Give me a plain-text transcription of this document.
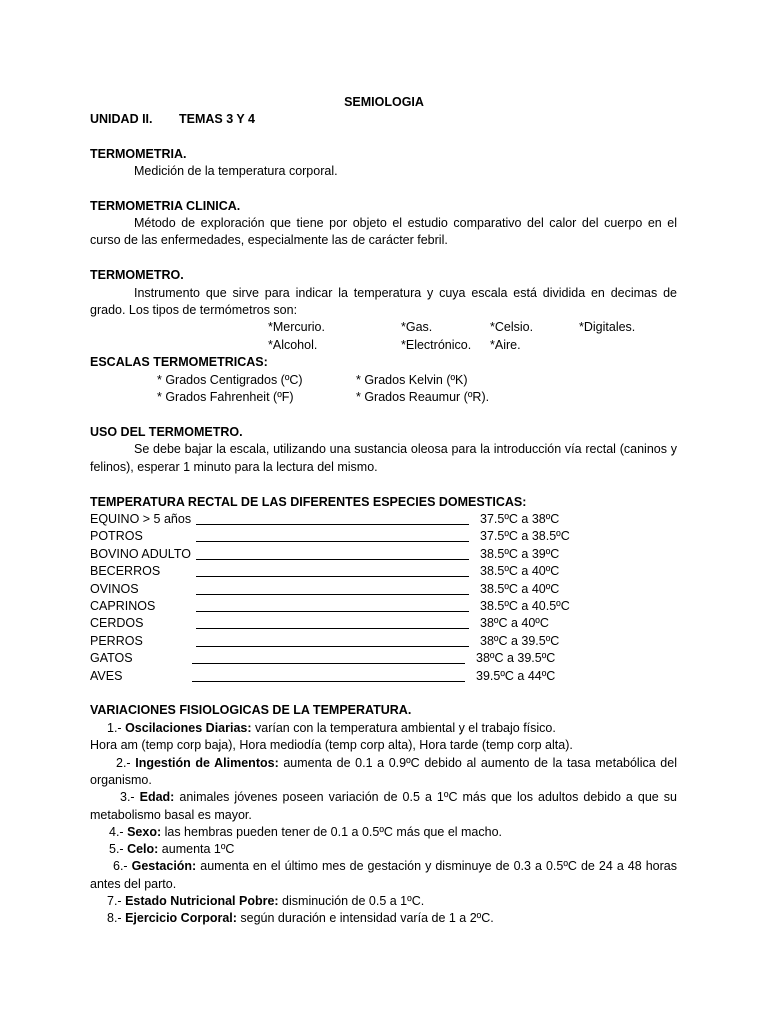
SEMIOLOGIA
UNIDAD II. TEMAS 3 Y 4
TERMOMETRIA.
Medición de la temperatura corporal.
TERMOMETRIA CLINICA.
Método de exploración que tiene por objeto el estudio comparativo del calor del cuerpo en el
curso de las enfermedades, especialmente las de carácter febril.
TERMOMETRO.
Instrumento que sirve para indicar la temperatura y cuya escala está dividida en decimas de
grado. Los tipos de termómetros son:
*Mercurio.	*Gas.	*Celsio.	*Digitales.
*Alcohol.	*Electrónico. *Aire.
ESCALAS TERMOMETRICAS:
* Grados Centigrados (ºC)	* Grados Kelvin (ºK)
* Grados Fahrenheit (ºF)	* Grados Reaumur (ºR).
USO DEL TERMOMETRO.
Se debe bajar la escala, utilizando una sustancia oleosa para la introducción vía rectal (caninos y
felinos), esperar 1 minuto para la lectura del mismo.
TEMPERATURA RECTAL DE LAS DIFERENTES ESPECIES DOMESTICAS:
EQUINO > 5 años	37.5ºC a 38ºC
POTROS	37.5ºC a 38.5ºC
BOVINO ADULTO	38.5ºC a 39ºC
BECERROS	38.5ºC a 40ºC
OVINOS	38.5ºC a 40ºC
CAPRINOS	38.5ºC a 40.5ºC
CERDOS	38ºC a 40ºC
PERROS	38ºC a 39.5ºC
GATOS	38ºC a 39.5ºC
AVES	39.5ºC a 44ºC
VARIACIONES FISIOLOGICAS DE LA TEMPERATURA.
1.- Oscilaciones Diarias: varían con la temperatura ambiental y el trabajo físico.
Hora am (temp corp baja), Hora mediodía (temp corp alta), Hora tarde (temp corp alta).
2.- Ingestión de Alimentos: aumenta de 0.1 a 0.9ºC debido al aumento de la tasa metabólica del
organismo.
3.- Edad: animales jóvenes poseen variación de 0.5 a 1ºC más que los adultos debido a que su
metabolismo basal es mayor.
4.- Sexo: las hembras pueden tener de 0.1 a 0.5ºC más que el macho.
5.- Celo: aumenta 1ºC
6.- Gestación: aumenta en el último mes de gestación y disminuye de 0.3 a 0.5ºC de 24 a 48 horas
antes del parto.
7.- Estado Nutricional Pobre: disminución de 0.5 a 1ºC.
8.- Ejercicio Corporal: según duración e intensidad varía de 1 a 2ºC.
